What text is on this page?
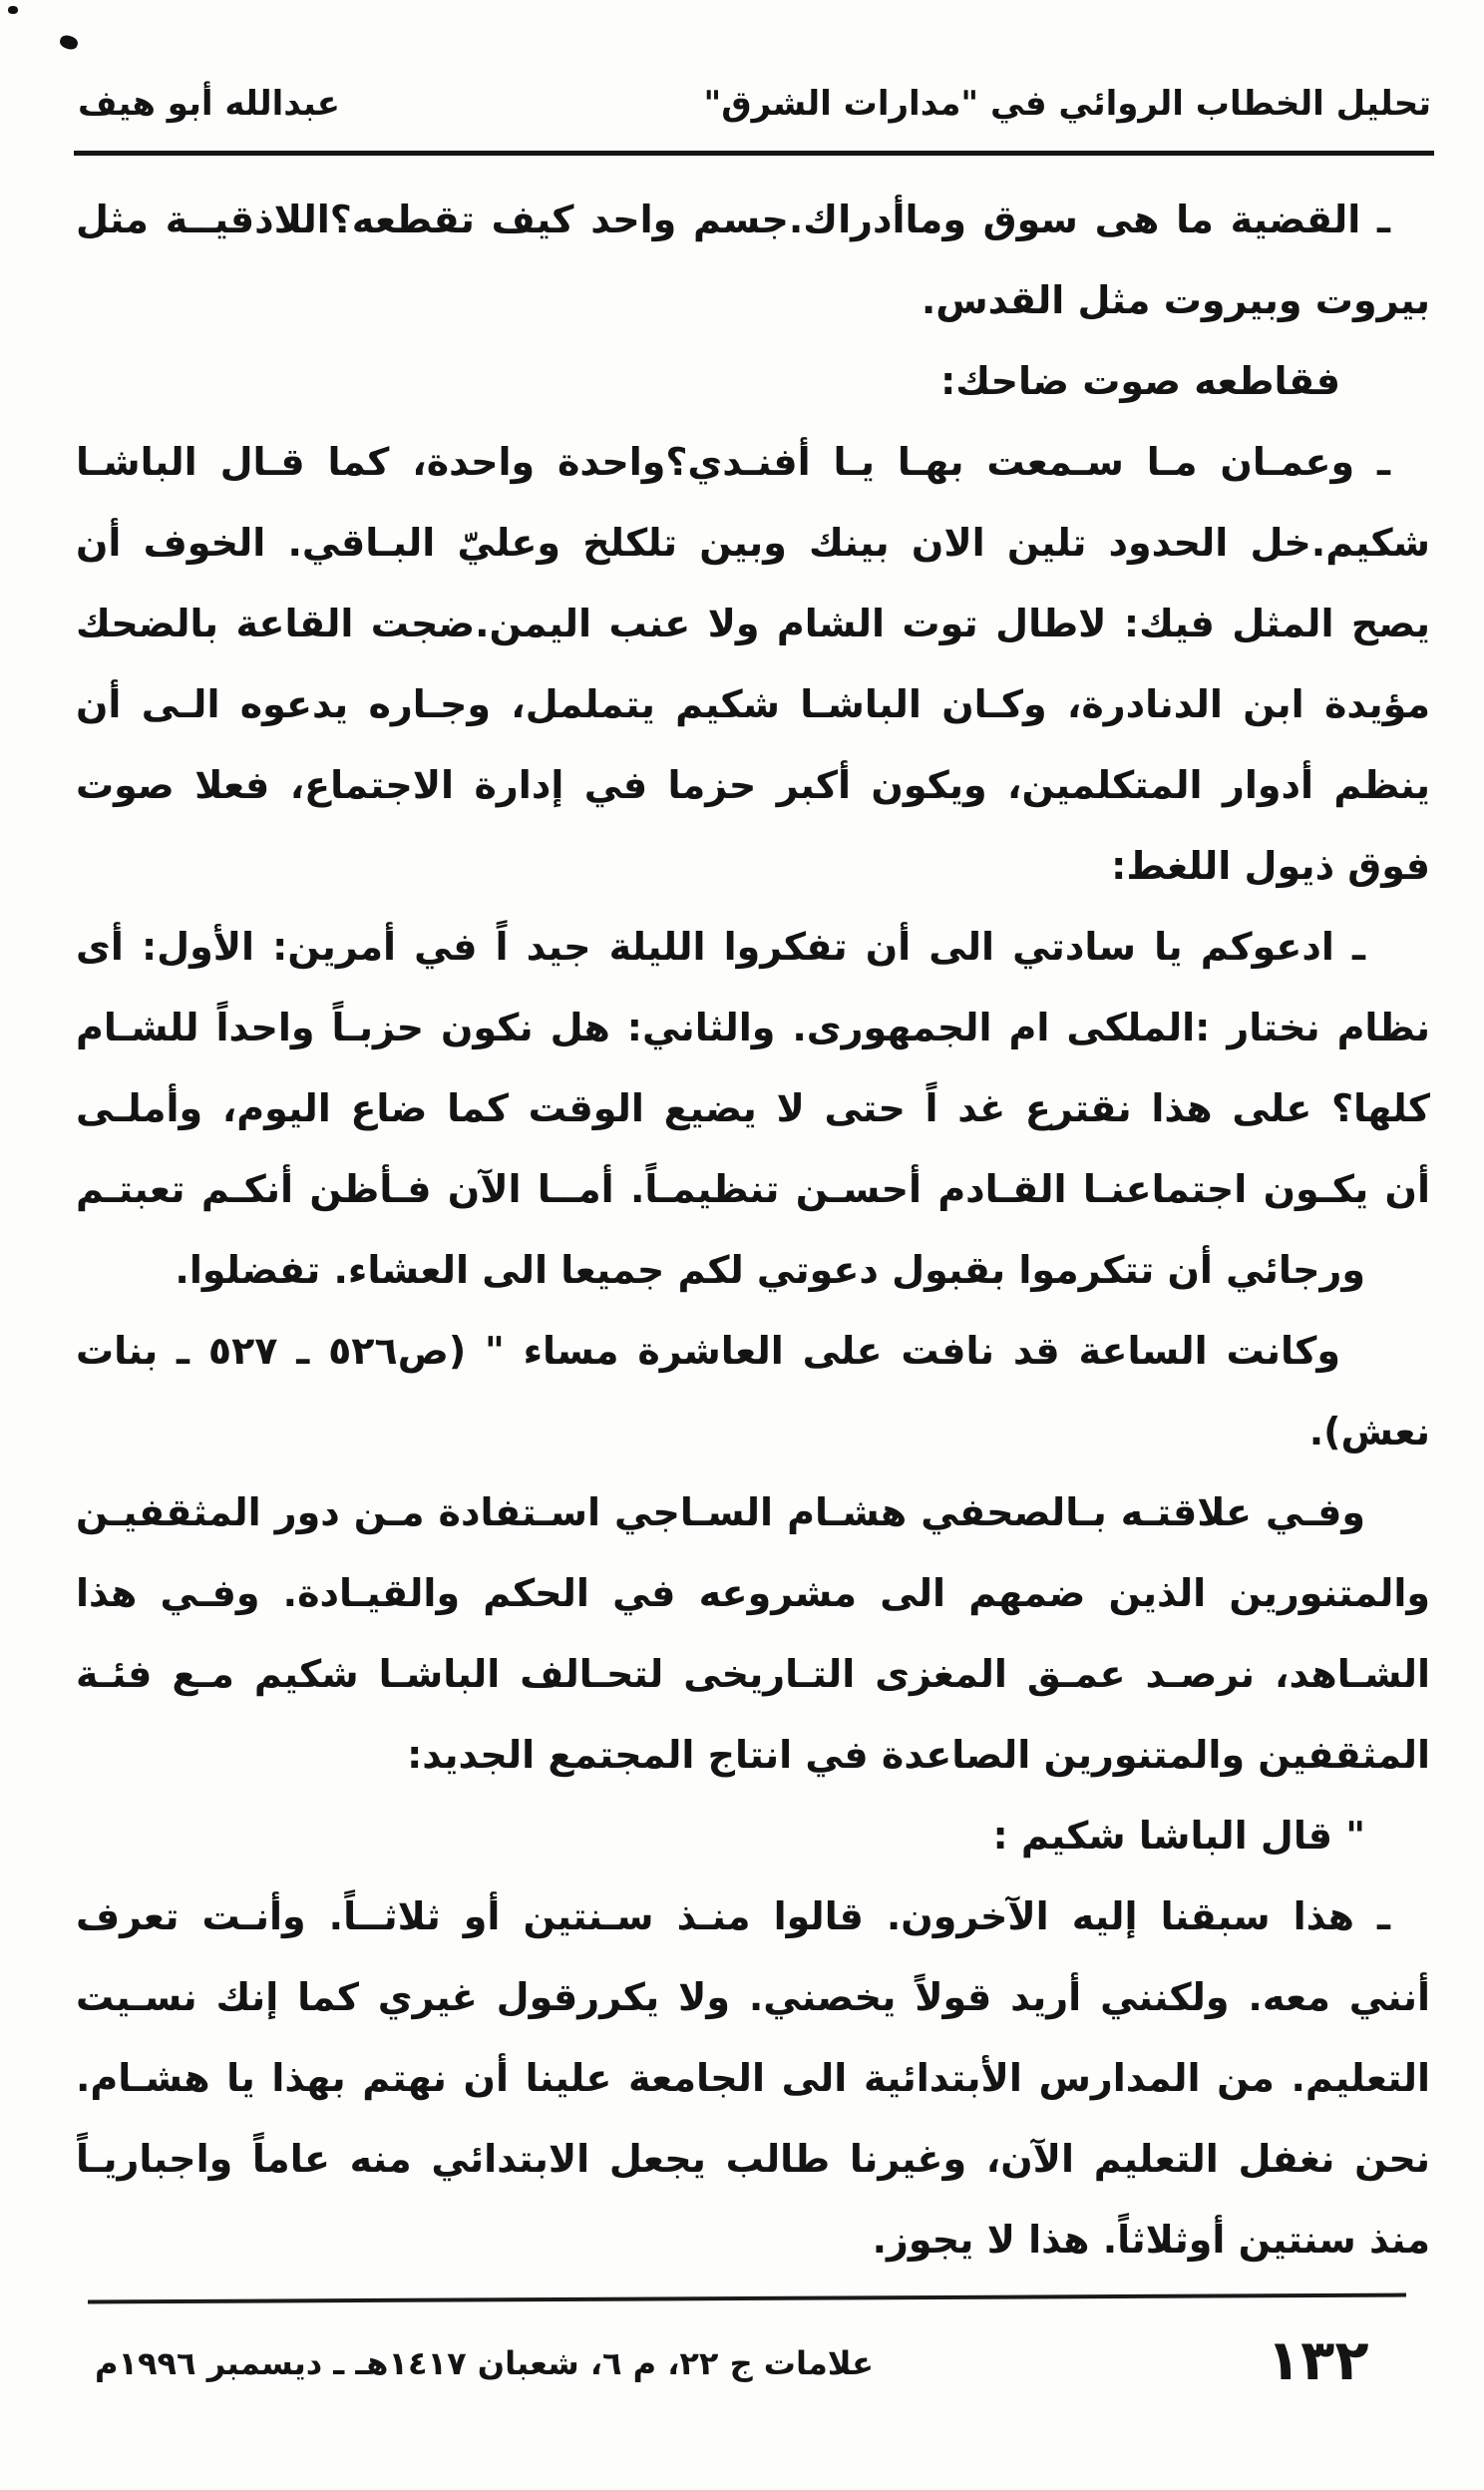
تحليل الخطاب الروائي في "مدارات الشرق"
عبدالله أبو هيف
ـ القضية ما هى سوق وماأدراك.جسم واحد كيف تقطعه؟اللاذقيــة مثل
بيروت وبيروت مثل القدس.
فقاطعه صوت ضاحك:
ـ وعمـان مـا سـمعت بهـا يـا أفنـدي؟واحدة واحدة، كما قـال الباشـا
شكيم.خل الحدود تلين الان بينك وبين تلكلخ وعليّ البـاقي. الخوف أن
يصح المثل فيك: لاطال توت الشام ولا عنب اليمن.ضجت القاعة بالضحك
مؤيدة ابن الدنادرة، وكـان الباشـا شكيم يتململ، وجـاره يدعوه الـى أن
ينظم أدوار المتكلمين، ويكون أكبر حزما في إدارة الاجتماع، فعلا صوت
فوق ذيول اللغط:
ـ ادعوكم يا سادتي الى أن تفكروا الليلة جيد اً في أمرين: الأول: أى
نظام نختار :الملكى ام الجمهورى. والثاني: هل نكون حزبـاً واحداً للشـام
كلها؟ على هذا نقترع غد اً حتى لا يضيع الوقت كما ضاع اليوم، وأملـى
أن يكـون اجتماعنـا القـادم أحسـن تنظيمـاً. أمــا الآن فـأظن أنكـم تعبتـم
ورجائي أن تتكرموا بقبول دعوتي لكم جميعا الى العشاء. تفضلوا.
وكانت الساعة قد نافت على العاشرة مساء " (ص٥٢٦ ـ ٥٢٧ ـ بنات
نعش).
وفـي علاقتـه بـالصحفي هشـام السـاجي اسـتفادة مـن دور المثقفيـن
والمتنورين الذين ضمهم الى مشروعه في الحكم والقيـادة. وفـي هذا
الشـاهد، نرصـد عمـق المغزى التـاريخى لتحـالف الباشـا شكيم مـع فئـة
المثقفين والمتنورين الصاعدة في انتاج المجتمع الجديد:
" قال الباشا شكيم :
ـ هذا سبقنا إليه الآخرون. قالوا منـذ سـنتين أو ثلاثــاً. وأنـت تعرف
أنني معه. ولكنني أريد قولاً يخصني. ولا يكررقول غيري كما إنك نسـيت
التعليم. من المدارس الأبتدائية الى الجامعة علينا أن نهتم بهذا يا هشـام.
نحن نغفل التعليم الآن، وغيرنا طالب يجعل الابتدائي منه عاماً واجباريـاً
منذ سنتين أوثلاثاً. هذا لا يجوز.
علامات ج ٢٢، م ٦، شعبان ١٤١٧هـ ـ ديسمبر ١٩٩٦م	١٣٢
